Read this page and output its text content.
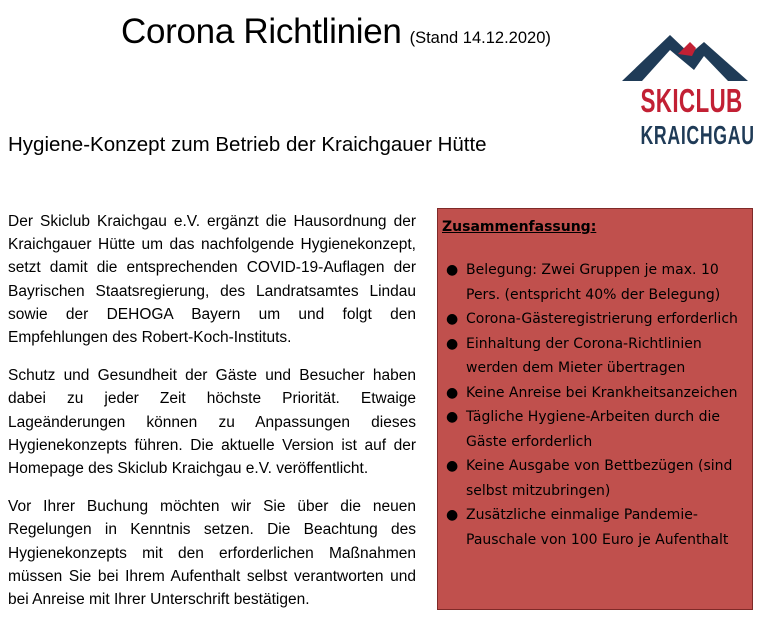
Corona Richtlinien (Stand 14.12.2020)
SKICLUB
KRAICHGAU
Hygiene-Konzept zum Betrieb der Kraichgauer Hütte

Der Skiclub Kraichgau e.V. ergänzt die Hausordnung der Kraichgauer Hütte um das nachfolgende Hygienekonzept, setzt damit die entsprechenden COVID-19-Auflagen der Bayrischen Staatsregierung, des Landratsamtes Lindau sowie der DEHOGA Bayern um und folgt den Empfehlungen des Robert-Koch-Instituts.

Schutz und Gesundheit der Gäste und Besucher haben dabei zu jeder Zeit höchste Priorität. Etwaige Lageänderungen können zu Anpassungen dieses Hygienekonzepts führen. Die aktuelle Version ist auf der Homepage des Skiclub Kraichgau e.V. veröffentlicht.

Vor Ihrer Buchung möchten wir Sie über die neuen Regelungen in Kenntnis setzen. Die Beachtung des Hygienekonzepts mit den erforderlichen Maßnahmen müssen Sie bei Ihrem Aufenthalt selbst verantworten und bei Anreise mit Ihrer Unterschrift bestätigen.

Zusammenfassung:
● Belegung: Zwei Gruppen je max. 10 Pers. (entspricht 40% der Belegung)
● Corona-Gästeregistrierung erforderlich
● Einhaltung der Corona-Richtlinien werden dem Mieter übertragen
● Keine Anreise bei Krankheitsanzeichen
● Tägliche Hygiene-Arbeiten durch die Gäste erforderlich
● Keine Ausgabe von Bettbezügen (sind selbst mitzubringen)
● Zusätzliche einmalige Pandemie-Pauschale von 100 Euro je Aufenthalt
